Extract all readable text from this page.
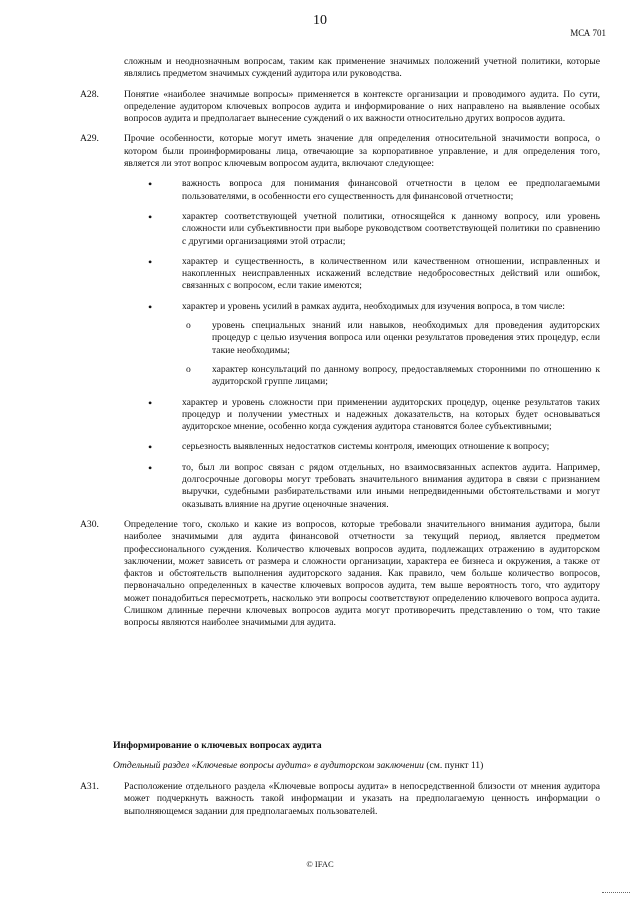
10
МСА 701
сложным и неоднозначным вопросам, таким как применение значимых положений учетной политики, которые являлись предметом значимых суждений аудитора или руководства.
A28.	Понятие «наиболее значимые вопросы» применяется в контексте организации и проводимого аудита. По сути, определение аудитором ключевых вопросов аудита и информирование о них направлено на выявление особых вопросов аудита и предполагает вынесение суждений о их важности относительно других вопросов аудита.
A29.	Прочие особенности, которые могут иметь значение для определения относительной значимости вопроса, о котором были проинформированы лица, отвечающие за корпоративное управление, и для определения того, является ли этот вопрос ключевым вопросом аудита, включают следующее:
•	важность вопроса для понимания финансовой отчетности в целом ее предполагаемыми пользователями, в особенности его существенность для финансовой отчетности;
•	характер соответствующей учетной политики, относящейся к данному вопросу, или уровень сложности или субъективности при выборе руководством соответствующей политики по сравнению с другими организациями этой отрасли;
•	характер и существенность, в количественном или качественном отношении, исправленных и накопленных неисправленных искажений вследствие недобросовестных действий или ошибок, связанных с вопросом, если такие имеются;
•	характер и уровень усилий в рамках аудита, необходимых для изучения вопроса, в том числе:
o уровень специальных знаний или навыков, необходимых для проведения аудиторских процедур с целью изучения вопроса или оценки результатов проведения этих процедур, если такие необходимы;
o характер консультаций по данному вопросу, предоставляемых сторонними по отношению к аудиторской группе лицами;
•	характер и уровень сложности при применении аудиторских процедур, оценке результатов таких процедур и получении уместных и надежных доказательств, на которых будет основываться аудиторское мнение, особенно когда суждения аудитора становятся более субъективными;
•	серьезность выявленных недостатков системы контроля, имеющих отношение к вопросу;
•	то, был ли вопрос связан с рядом отдельных, но взаимосвязанных аспектов аудита. Например, долгосрочные договоры могут требовать значительного внимания аудитора в связи с признанием выручки, судебными разбирательствами или иными непредвиденными обстоятельствами и могут оказывать влияние на другие оценочные значения.
A30.	Определение того, сколько и какие из вопросов, которые требовали значительного внимания аудитора, были наиболее значимыми для аудита финансовой отчетности за текущий период, является предметом профессионального суждения. Количество ключевых вопросов аудита, подлежащих отражению в аудиторском заключении, может зависеть от размера и сложности организации, характера ее бизнеса и окружения, а также от фактов и обстоятельств выполнения аудиторского задания. Как правило, чем больше количество вопросов, первоначально определенных в качестве ключевых вопросов аудита, тем выше вероятность того, что аудитору может понадобиться пересмотреть, насколько эти вопросы соответствуют определению ключевого вопроса аудита. Слишком длинные перечни ключевых вопросов аудита могут противоречить представлению о том, что такие вопросы являются наиболее значимыми для аудита.
Информирование о ключевых вопросах аудита
Отдельный раздел «Ключевые вопросы аудита» в аудиторском заключении (см. пункт 11)
A31.	Расположение отдельного раздела «Ключевые вопросы аудита» в непосредственной близости от мнения аудитора может подчеркнуть важность такой информации и указать на предполагаемую ценность информации о выполняющемся задании для предполагаемых пользователей.
© IFAC
